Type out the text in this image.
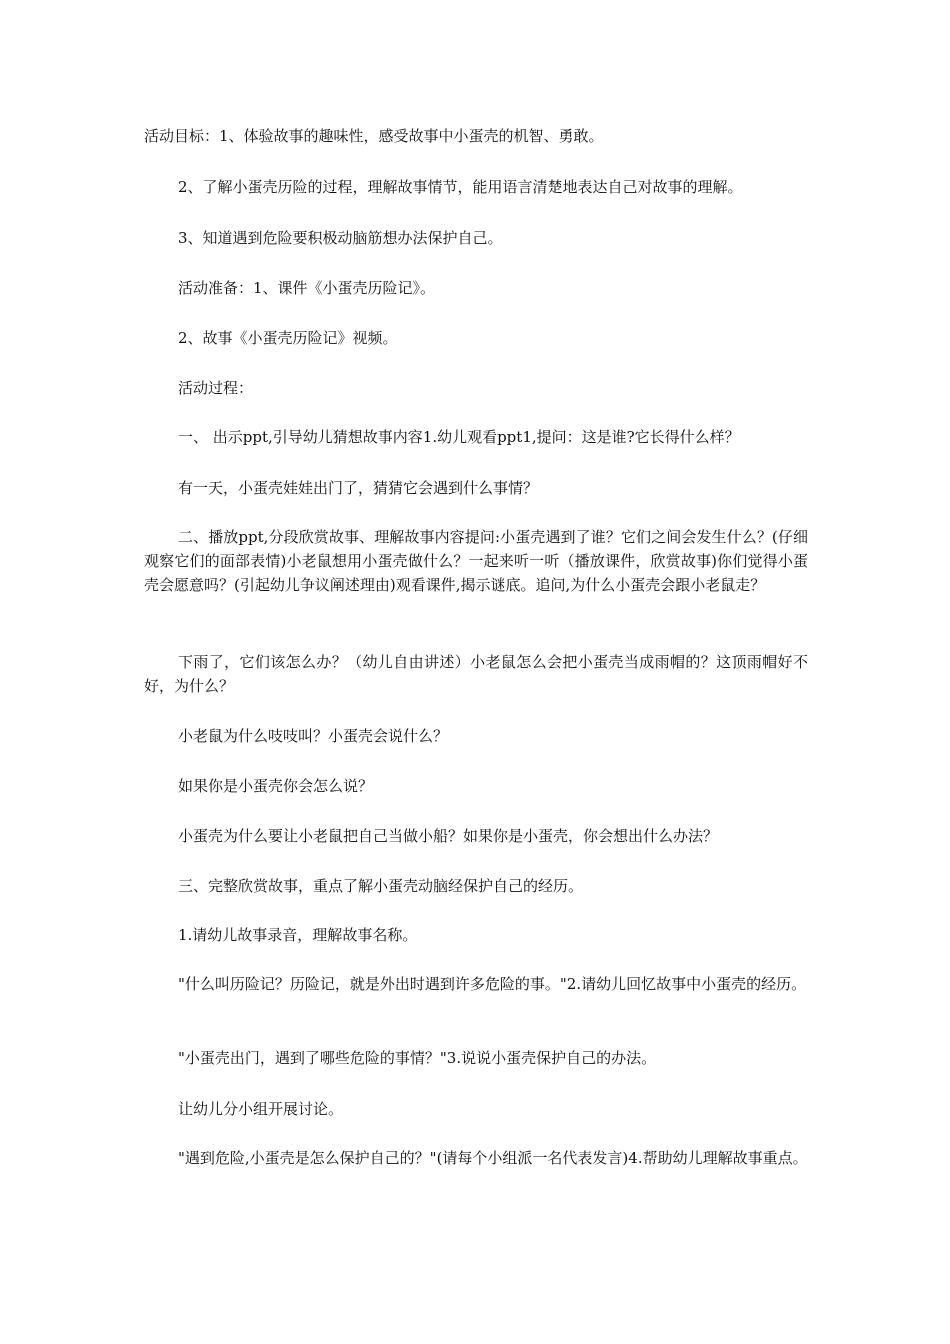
活动目标：1、体验故事的趣味性，感受故事中小蛋壳的机智、勇敢。

2、了解小蛋壳历险的过程，理解故事情节，能用语言清楚地表达自己对故事的理解。

3、知道遇到危险要积极动脑筋想办法保护自己。

活动准备：1、课件《小蛋壳历险记》。

2、故事《小蛋壳历险记》视频。

活动过程：

一、 出示ppt,引导幼儿猜想故事内容1.幼儿观看ppt1,提问：这是谁?它长得什么样？

有一天，小蛋壳娃娃出门了，猜猜它会遇到什么事情？

二、播放ppt,分段欣赏故事、理解故事内容提问:小蛋壳遇到了谁？它们之间会发生什么？(仔细观察它们的面部表情)小老鼠想用小蛋壳做什么？一起来听一听（播放课件，欣赏故事)你们觉得小蛋壳会愿意吗？(引起幼儿争议阐述理由)观看课件,揭示谜底。追问,为什么小蛋壳会跟小老鼠走？

下雨了，它们该怎么办？（幼儿自由讲述）小老鼠怎么会把小蛋壳当成雨帽的？这顶雨帽好不好，为什么？

小老鼠为什么吱吱叫？小蛋壳会说什么？

如果你是小蛋壳你会怎么说？

小蛋壳为什么要让小老鼠把自己当做小船？如果你是小蛋壳，你会想出什么办法？

三、完整欣赏故事，重点了解小蛋壳动脑经保护自己的经历。

1.请幼儿故事录音，理解故事名称。

"什么叫历险记？历险记，就是外出时遇到许多危险的事。"2.请幼儿回忆故事中小蛋壳的经历。

"小蛋壳出门，遇到了哪些危险的事情？"3.说说小蛋壳保护自己的办法。

让幼儿分小组开展讨论。

"遇到危险,小蛋壳是怎么保护自己的？"(请每个小组派一名代表发言)4.帮助幼儿理解故事重点。
